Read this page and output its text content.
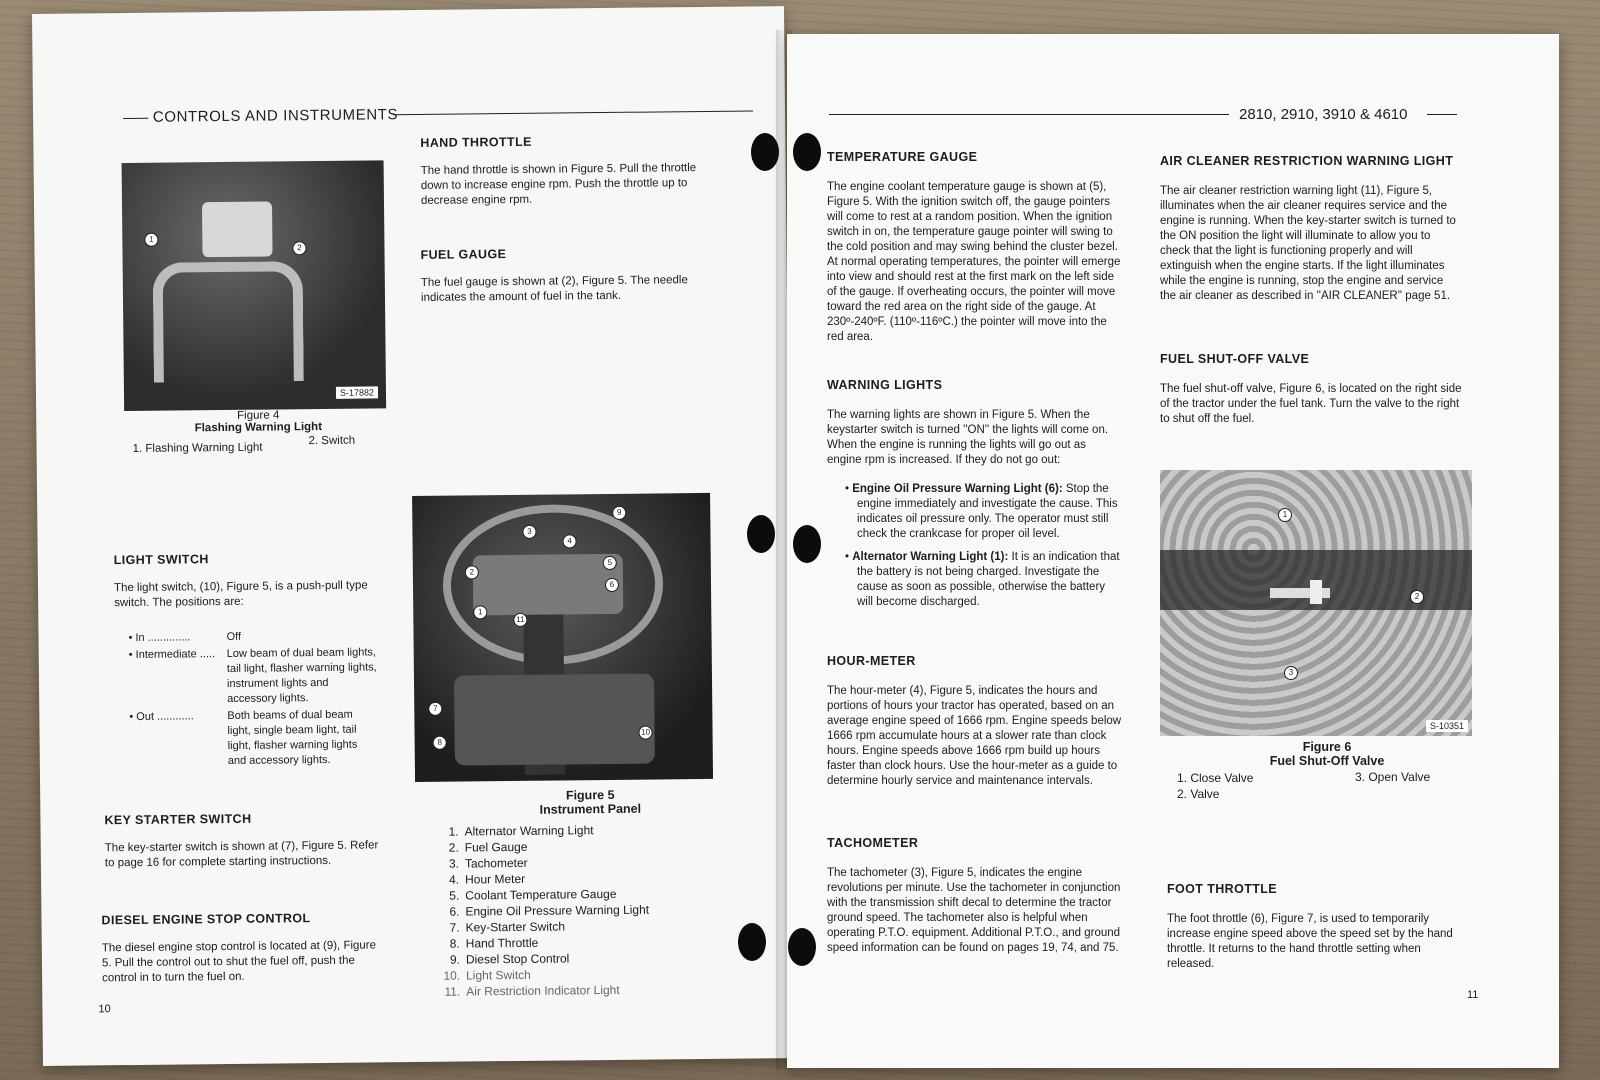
CONTROLS AND INSTRUMENTS
1
2
S-17882
Figure 4
Flashing Warning Light
1. Flashing Warning Light
2. Switch
HAND THROTTLE

The hand throttle is shown in Figure 5. Pull the throttle down to increase engine rpm. Push the throttle up to decrease engine rpm.

FUEL GAUGE

The fuel gauge is shown at (2), Figure 5. The needle indicates the amount of fuel in the tank.

LIGHT SWITCH

The light switch, (10), Figure 5, is a push-pull type switch. The positions are:

• In ..............	Off
• Intermediate .....	Low beam of dual beam lights, tail light, flasher warning lights, instrument lights and accessory lights.
• Out ............	Both beams of dual beam light, single beam light, tail light, flasher warning lights and accessory lights.
KEY STARTER SWITCH

The key-starter switch is shown at (7), Figure 5. Refer to page 16 for complete starting instructions.

DIESEL ENGINE STOP CONTROL

The diesel engine stop control is located at (9), Figure 5. Pull the control out to shut the fuel off, push the control in to turn the fuel on.

1
2
3
4
5
6
7
8
9
10
11
Figure 5
Instrument Panel
1. Alternator Warning Light
2. Fuel Gauge
3. Tachometer
4. Hour Meter
5. Coolant Temperature Gauge
6. Engine Oil Pressure Warning Light
7. Key-Starter Switch
8. Hand Throttle
9. Diesel Stop Control
10. Light Switch
11. Air Restriction Indicator Light
10
2810, 2910, 3910 & 4610
TEMPERATURE GAUGE

The engine coolant temperature gauge is shown at (5), Figure 5. With the ignition switch off, the gauge pointers will come to rest at a random position. When the ignition switch in on, the temperature gauge pointer will swing to the cold position and may swing behind the cluster bezel. At normal operating temperatures, the pointer will emerge into view and should rest at the first mark on the left side of the gauge. If overheating occurs, the pointer will move toward the red area on the right side of the gauge. At 230º-240ºF. (110º-116ºC.) the pointer will move into the red area.

WARNING LIGHTS

The warning lights are shown in Figure 5. When the keystarter switch is turned ''ON'' the lights will come on. When the engine is running the lights will go out as engine rpm is increased. If they do not go out:

• Engine Oil Pressure Warning Light (6): Stop the engine immediately and investigate the cause. This indicates oil pressure only. The operator must still check the crankcase for proper oil level.
• Alternator Warning Light (1): It is an indication that the battery is not being charged. Investigate the cause as soon as possible, otherwise the battery will become discharged.
HOUR-METER

The hour-meter (4), Figure 5, indicates the hours and portions of hours your tractor has operated, based on an average engine speed of 1666 rpm. Engine speeds below 1666 rpm accumulate hours at a slower rate than clock hours. Engine speeds above 1666 rpm build up hours faster than clock hours. Use the hour-meter as a guide to determine hourly service and maintenance intervals.

TACHOMETER

The tachometer (3), Figure 5, indicates the engine revolutions per minute. Use the tachometer in conjunction with the transmission shift decal to determine the tractor ground speed. The tachometer also is helpful when operating P.T.O. equipment. Additional P.T.O., and ground speed information can be found on pages 19, 74, and 75.

AIR CLEANER RESTRICTION WARNING LIGHT

The air cleaner restriction warning light (11), Figure 5, illuminates when the air cleaner requires service and the engine is running. When the key-starter switch is turned to the ON position the light will illuminate to allow you to check that the light is functioning properly and will extinguish when the engine starts. If the light illuminates while the engine is running, stop the engine and service the air cleaner as described in ''AIR CLEANER'' page 51.

FUEL SHUT-OFF VALVE

The fuel shut-off valve, Figure 6, is located on the right side of the tractor under the fuel tank. Turn the valve to the right to shut off the fuel.

1
2
3
S-10351
Figure 6
Fuel Shut-Off Valve
1. Close Valve
2. Valve
3. Open Valve
FOOT THROTTLE

The foot throttle (6), Figure 7, is used to temporarily increase engine speed above the speed set by the hand throttle. It returns to the hand throttle setting when released.

11
